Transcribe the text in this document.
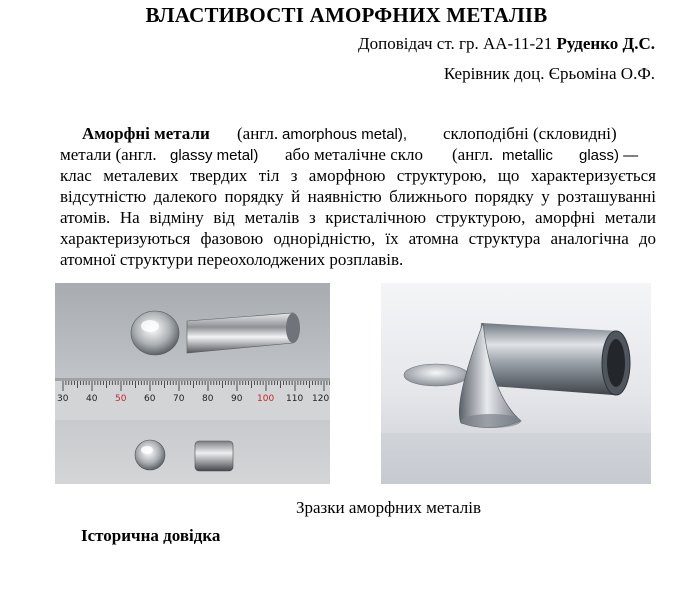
ВЛАСТИВОСТІ АМОРФНИХ МЕТАЛІВ
Доповідач ст. гр. АА-11-21 Руденко Д.С.
Керівник доц. Єрьоміна О.Ф.
Аморфні метали (англ. amorphous metal), склоподібні (скловидні)
метали (англ. glassy metal) або металічне скло (англ. metallic glass) —
клас металевих твердих тіл з аморфною структурою, що характеризується
відсутністю далекого порядку й наявністю ближнього порядку у розташуванні
атомів. На відміну від металів з кристалічною структурою, аморфні метали
характеризуються фазовою однорідністю, їх атомна структура аналогічна до
атомної структури переохолоджених розплавів.
30 40 50 60 70 80 90 100 110 120
Зразки аморфних металів
Історична довідка
